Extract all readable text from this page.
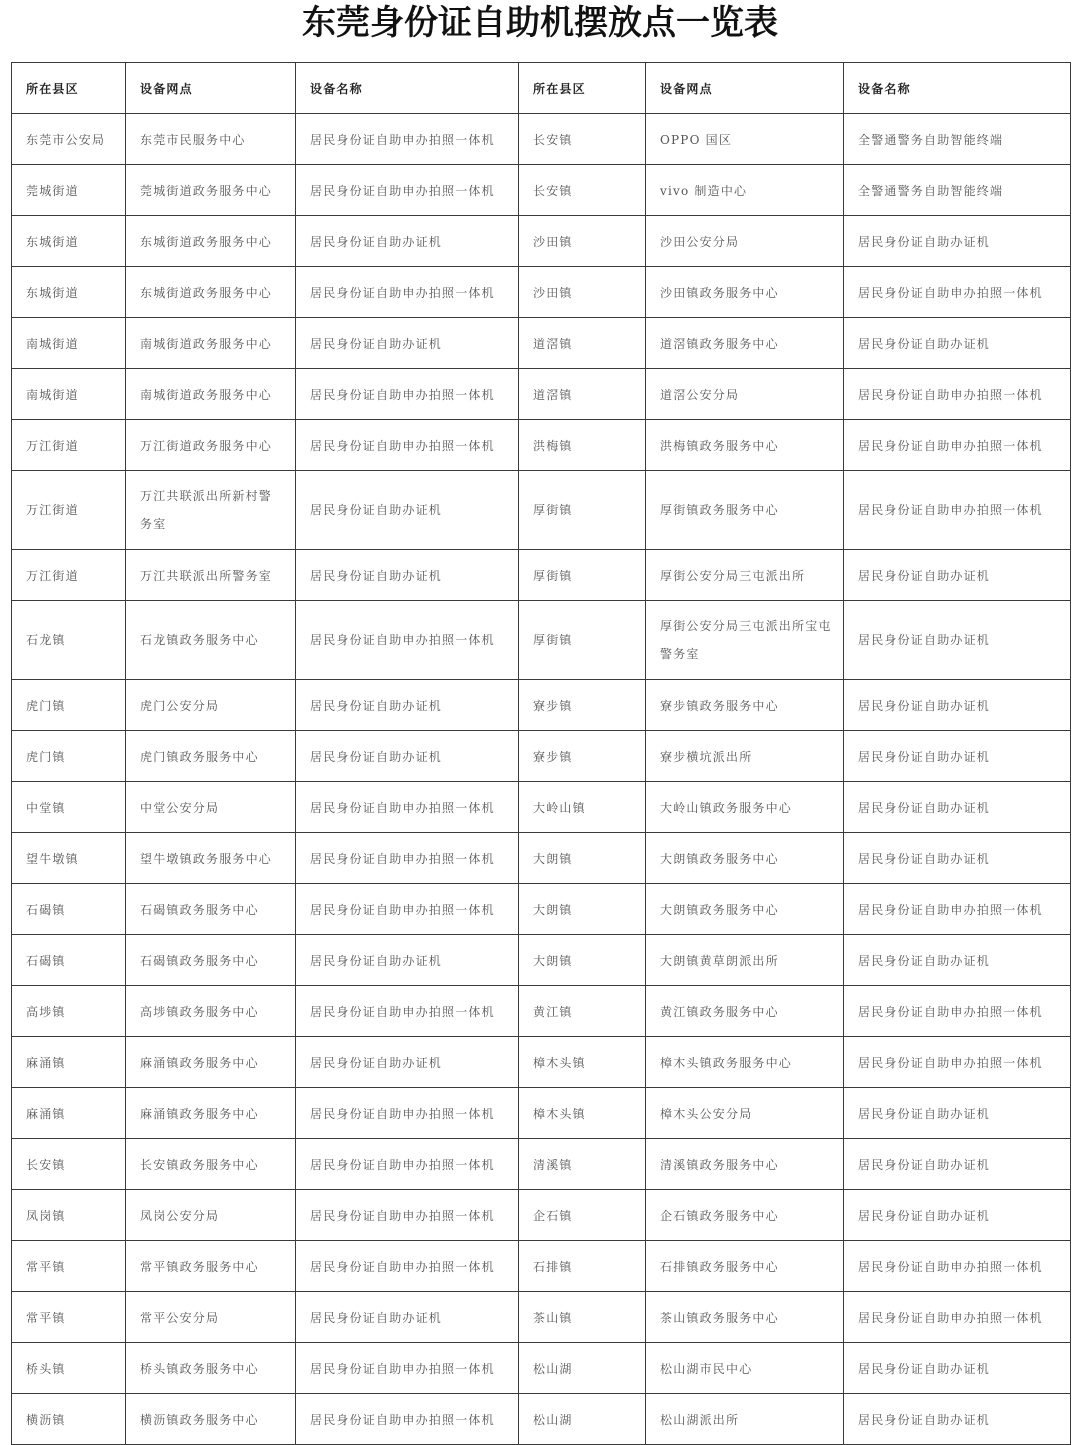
东莞身份证自助机摆放点一览表
所在县区	设备网点	设备名称	所在县区	设备网点	设备名称

东莞市公安局	东莞市民服务中心	居民身份证自助申办拍照一体机	长安镇	OPPO 国区	全警通警务自助智能终端

莞城街道	莞城街道政务服务中心	居民身份证自助申办拍照一体机	长安镇	vivo 制造中心	全警通警务自助智能终端

东城街道	东城街道政务服务中心	居民身份证自助办证机	沙田镇	沙田公安分局	居民身份证自助办证机

东城街道	东城街道政务服务中心	居民身份证自助申办拍照一体机	沙田镇	沙田镇政务服务中心	居民身份证自助申办拍照一体机

南城街道	南城街道政务服务中心	居民身份证自助办证机	道滘镇	道滘镇政务服务中心	居民身份证自助办证机

南城街道	南城街道政务服务中心	居民身份证自助申办拍照一体机	道滘镇	道滘公安分局	居民身份证自助申办拍照一体机

万江街道	万江街道政务服务中心	居民身份证自助申办拍照一体机	洪梅镇	洪梅镇政务服务中心	居民身份证自助申办拍照一体机

万江街道	万江共联派出所新村警务室	居民身份证自助办证机	厚街镇	厚街镇政务服务中心	居民身份证自助申办拍照一体机

万江街道	万江共联派出所警务室	居民身份证自助办证机	厚街镇	厚街公安分局三屯派出所	居民身份证自助办证机

石龙镇	石龙镇政务服务中心	居民身份证自助申办拍照一体机	厚街镇	厚街公安分局三屯派出所宝屯警务室	居民身份证自助办证机

虎门镇	虎门公安分局	居民身份证自助办证机	寮步镇	寮步镇政务服务中心	居民身份证自助办证机

虎门镇	虎门镇政务服务中心	居民身份证自助办证机	寮步镇	寮步横坑派出所	居民身份证自助办证机

中堂镇	中堂公安分局	居民身份证自助申办拍照一体机	大岭山镇	大岭山镇政务服务中心	居民身份证自助办证机

望牛墩镇	望牛墩镇政务服务中心	居民身份证自助申办拍照一体机	大朗镇	大朗镇政务服务中心	居民身份证自助办证机

石碣镇	石碣镇政务服务中心	居民身份证自助申办拍照一体机	大朗镇	大朗镇政务服务中心	居民身份证自助申办拍照一体机

石碣镇	石碣镇政务服务中心	居民身份证自助办证机	大朗镇	大朗镇黄草朗派出所	居民身份证自助办证机

高埗镇	高埗镇政务服务中心	居民身份证自助申办拍照一体机	黄江镇	黄江镇政务服务中心	居民身份证自助申办拍照一体机

麻涌镇	麻涌镇政务服务中心	居民身份证自助办证机	樟木头镇	樟木头镇政务服务中心	居民身份证自助申办拍照一体机

麻涌镇	麻涌镇政务服务中心	居民身份证自助申办拍照一体机	樟木头镇	樟木头公安分局	居民身份证自助办证机

长安镇	长安镇政务服务中心	居民身份证自助申办拍照一体机	清溪镇	清溪镇政务服务中心	居民身份证自助办证机

凤岗镇	凤岗公安分局	居民身份证自助申办拍照一体机	企石镇	企石镇政务服务中心	居民身份证自助办证机

常平镇	常平镇政务服务中心	居民身份证自助申办拍照一体机	石排镇	石排镇政务服务中心	居民身份证自助申办拍照一体机

常平镇	常平公安分局	居民身份证自助办证机	茶山镇	茶山镇政务服务中心	居民身份证自助申办拍照一体机

桥头镇	桥头镇政务服务中心	居民身份证自助申办拍照一体机	松山湖	松山湖市民中心	居民身份证自助办证机

横沥镇	横沥镇政务服务中心	居民身份证自助申办拍照一体机	松山湖	松山湖派出所	居民身份证自助办证机
